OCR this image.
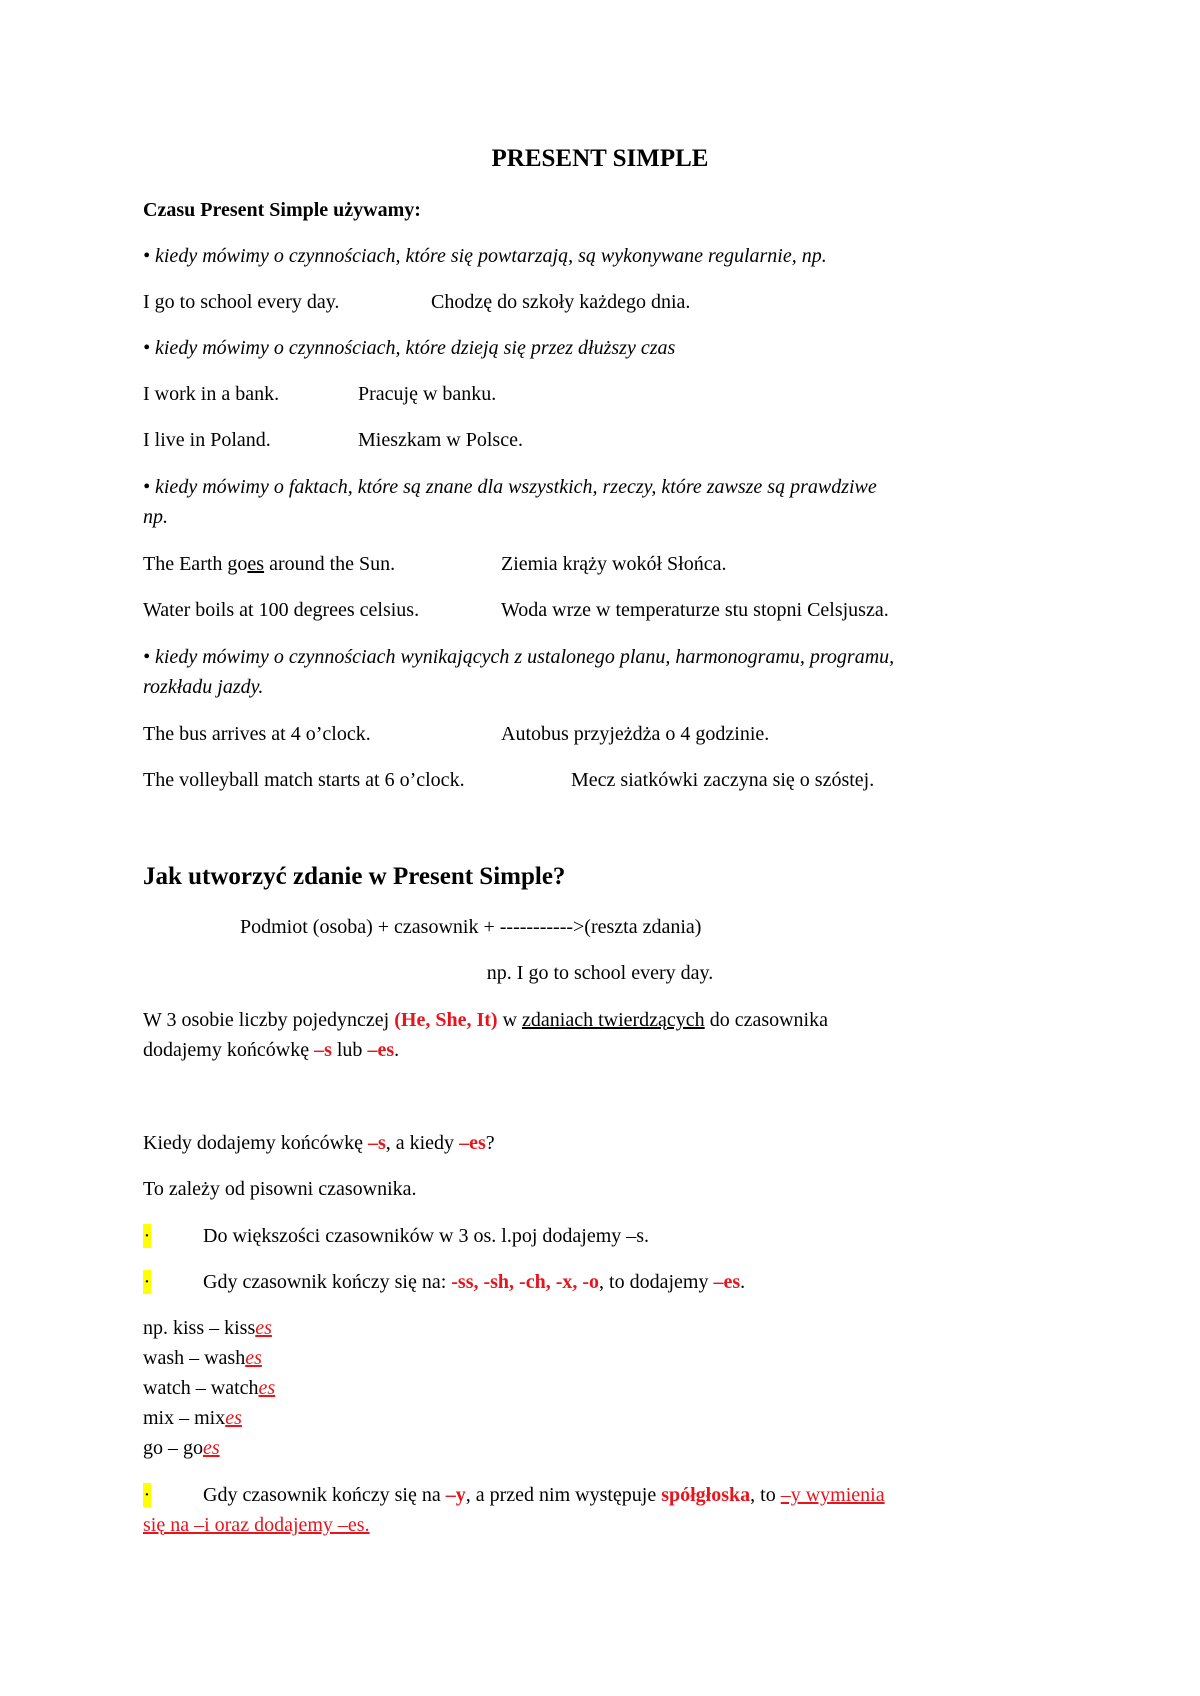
PRESENT SIMPLE
Czasu Present Simple używamy:
• kiedy mówimy o czynnościach, które się powtarzają, są wykonywane regularnie, np.
I go to school every day.	Chodzę do szkoły każdego dnia.
• kiedy mówimy o czynnościach, które dzieją się przez dłuższy czas
I work in a bank.	Pracuję w banku.
I live in Poland.	Mieszkam w Polsce.
• kiedy mówimy o faktach, które są znane dla wszystkich, rzeczy, które zawsze są prawdziwe
np.
The Earth goes around the Sun.	Ziemia krąży wokół Słońca.
Water boils at 100 degrees celsius.	Woda wrze w temperaturze stu stopni Celsjusza.
• kiedy mówimy o czynnościach wynikających z ustalonego planu, harmonogramu, programu,
rozkładu jazdy.
The bus arrives at 4 o’clock.	Autobus przyjeżdża o 4 godzinie.
The volleyball match starts at 6 o’clock.	Mecz siatkówki zaczyna się o szóstej.
Jak utworzyć zdanie w Present Simple?
Podmiot (osoba) + czasownik + ----------->(reszta zdania)
np. I go to school every day.
W 3 osobie liczby pojedynczej (He, She, It) w zdaniach twierdzących do czasownika
dodajemy końcówkę –s lub –es.
Kiedy dodajemy końcówkę –s, a kiedy –es?
To zależy od pisowni czasownika.
·	Do większości czasowników w 3 os. l.poj dodajemy –s.
·	Gdy czasownik kończy się na: -ss, -sh, -ch, -x, -o, to dodajemy –es.
np. kiss – kisses
wash – washes
watch – watches
mix – mixes
go – goes
·	Gdy czasownik kończy się na –y, a przed nim występuje spółgłoska, to –y wymienia
się na –i oraz dodajemy –es.
